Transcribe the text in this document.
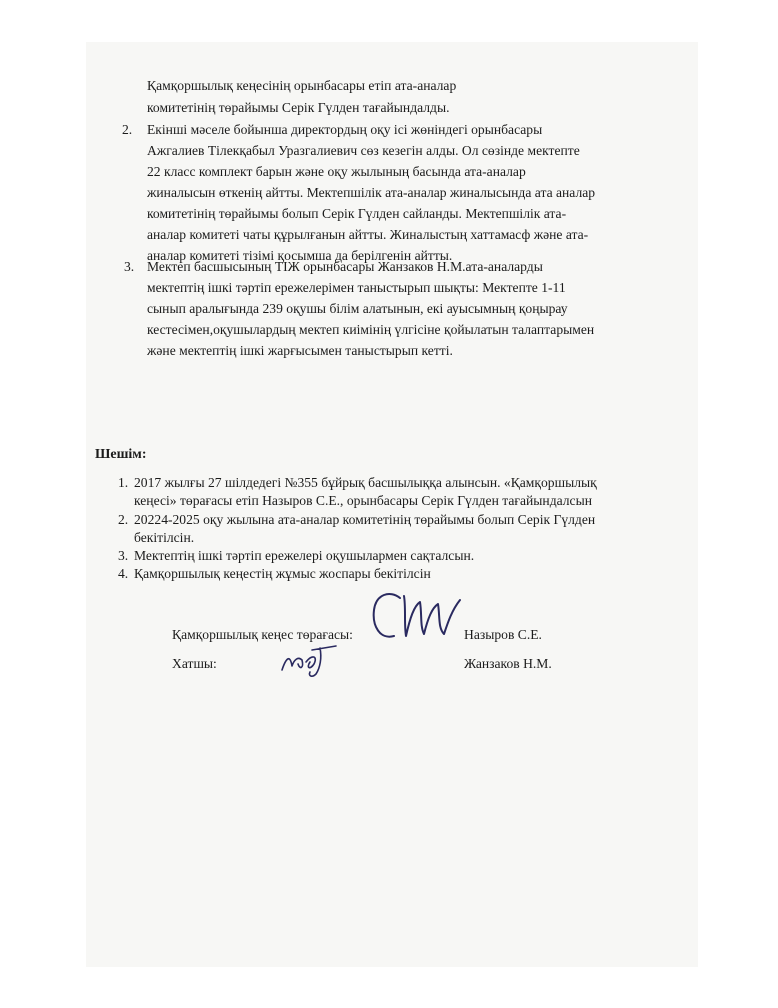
Қамқоршылық кеңесінің орынбасары етіп ата-аналар
комитетінің төрайымы Серік Гүлден тағайындалды.
2. Екінші мәселе бойынша директордың оқу ісі жөніндегі орынбасары
Ажгалиев Тілекқабыл Уразгалиевич сөз кезегін алды. Ол сөзінде мектепте
22 класс комплект барын және оқу жылының басында ата-аналар
жиналысын өткенің айтты. Мектепшілік ата-аналар жиналысында ата аналар
комитетінің төрайымы болып Серік Гүлден сайланды. Мектепшілік ата-
аналар комитеті чаты құрылғанын айтты. Жиналыстың хаттамасф және ата-
аналар комитеті тізімі қосымша да берілгенін айтты.
3. Мектеп басшысының ТІЖ орынбасары Жанзаков Н.М.ата-аналарды
мектептің ішкі тәртіп ережелерімен таныстырып шықты: Мектепте 1-11
сынып аралығында 239 оқушы білім алатынын, екі ауысымның қоңырау
кестесімен,оқушылардың мектеп киімінің үлгісіне қойылатын талаптарымен
және мектептің ішкі жарғысымен таныстырып кетті.
Шешім:
1. 2017 жылғы 27 шілдедегі №355 бұйрық басшылыққа алынсын. «Қамқоршылық
кеңесі» төрағасы етіп Назыров С.Е., орынбасары Серік Гүлден тағайындалсын
2. 20224-2025 оқу жылына ата-аналар комитетінің төрайымы болып Серік Гүлден
бекітілсін.
3. Мектептің ішкі тәртіп ережелері оқушылармен сақталсын.
4. Қамқоршылық кеңестің жұмыс жоспары бекітілсін
Қамқоршылық кеңес төрағасы:	Назыров С.Е.
Хатшы:	Жанзаков Н.М.
